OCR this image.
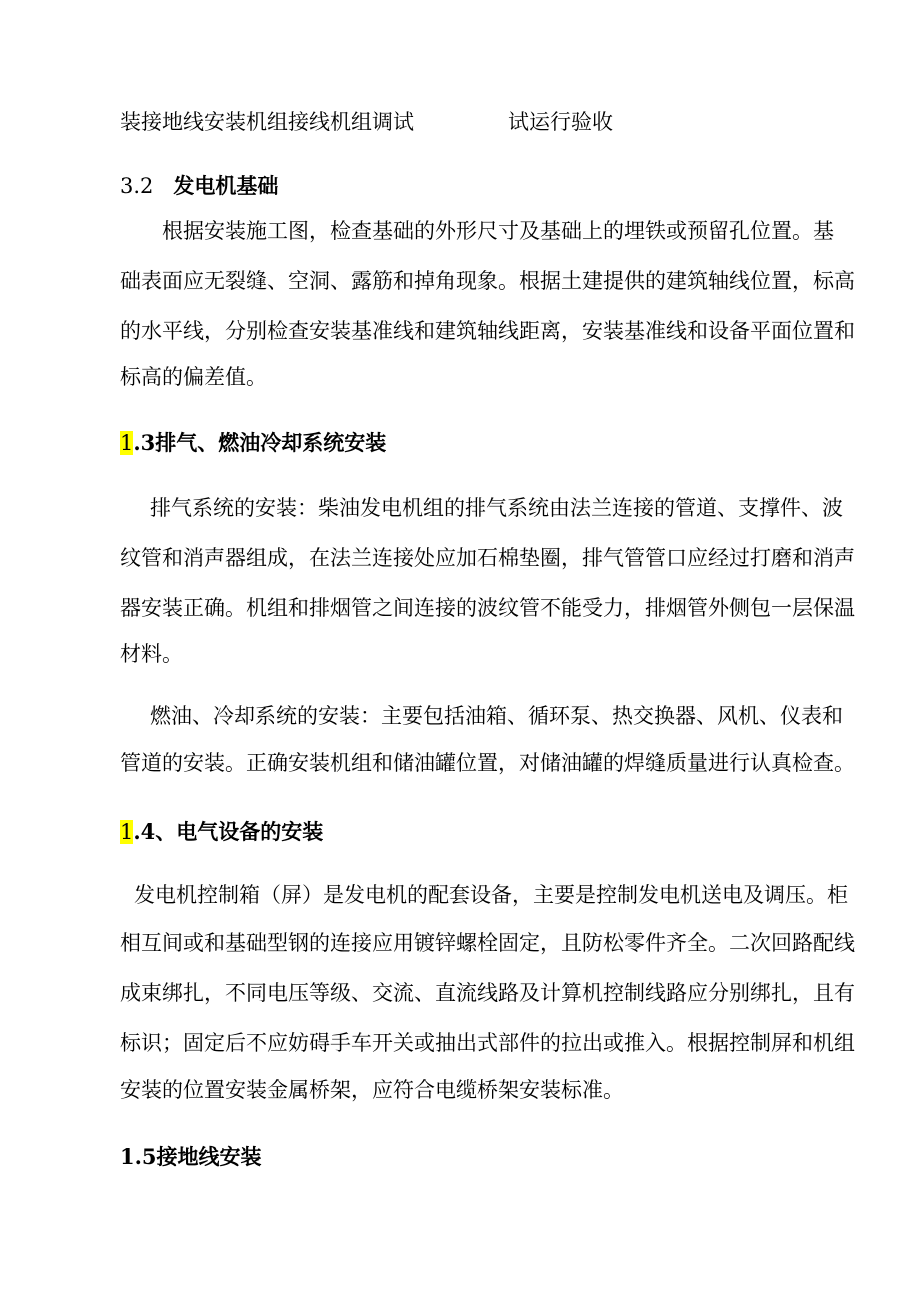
装接地线安装机组接线机组调试	试运行验收
3.2 发电机基础
根据安装施工图，检查基础的外形尺寸及基础上的埋铁或预留孔位置。基
础表面应无裂缝、空洞、露筋和掉角现象。根据土建提供的建筑轴线位置，标高
的水平线，分别检查安装基准线和建筑轴线距离，安装基准线和设备平面位置和
标高的偏差值。
1.3排气、燃油冷却系统安装
排气系统的安装：柴油发电机组的排气系统由法兰连接的管道、支撑件、波
纹管和消声器组成，在法兰连接处应加石棉垫圈，排气管管口应经过打磨和消声
器安装正确。机组和排烟管之间连接的波纹管不能受力，排烟管外侧包一层保温
材料。
燃油、冷却系统的安装：主要包括油箱、循环泵、热交换器、风机、仪表和
管道的安装。正确安装机组和储油罐位置，对储油罐的焊缝质量进行认真检查。
1.4、电气设备的安装
发电机控制箱（屏）是发电机的配套设备，主要是控制发电机送电及调压。柜
相互间或和基础型钢的连接应用镀锌螺栓固定，且防松零件齐全。二次回路配线
成束绑扎，不同电压等级、交流、直流线路及计算机控制线路应分别绑扎，且有
标识；固定后不应妨碍手车开关或抽出式部件的拉出或推入。根据控制屏和机组
安装的位置安装金属桥架，应符合电缆桥架安装标准。
1.5接地线安装
